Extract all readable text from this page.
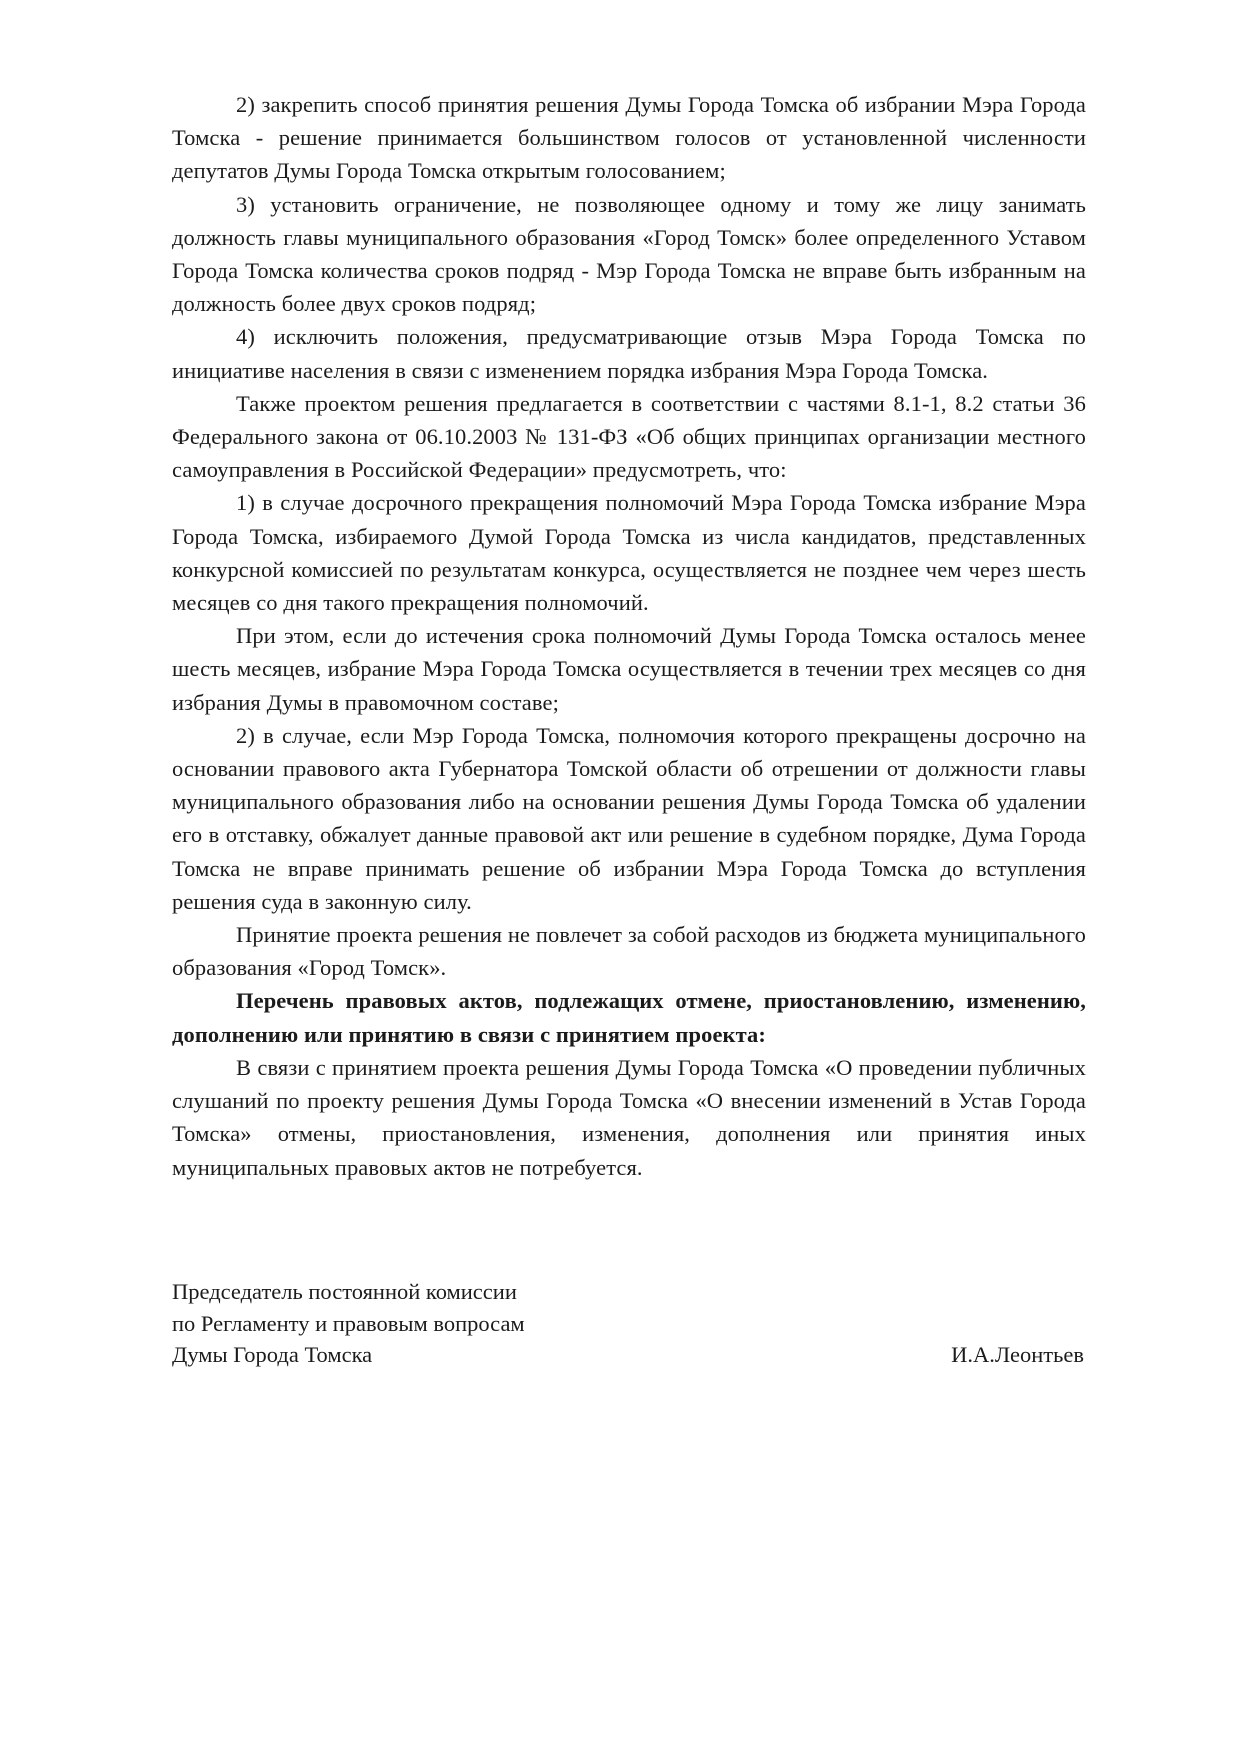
2) закрепить способ принятия решения Думы Города Томска об избрании Мэра Города Томска - решение принимается большинством голосов от установленной численности депутатов Думы Города Томска открытым голосованием;

3) установить ограничение, не позволяющее одному и тому же лицу занимать должность главы муниципального образования «Город Томск» более определенного Уставом Города Томска количества сроков подряд - Мэр Города Томска не вправе быть избранным на должность более двух сроков подряд;

4) исключить положения, предусматривающие отзыв Мэра Города Томска по инициативе населения в связи с изменением порядка избрания Мэра Города Томска.

Также проектом решения предлагается в соответствии с частями 8.1-1, 8.2 статьи 36 Федерального закона от 06.10.2003 № 131-ФЗ «Об общих принципах организации местного самоуправления в Российской Федерации» предусмотреть, что:

1) в случае досрочного прекращения полномочий Мэра Города Томска избрание Мэра Города Томска, избираемого Думой Города Томска из числа кандидатов, представленных конкурсной комиссией по результатам конкурса, осуществляется не позднее чем через шесть месяцев со дня такого прекращения полномочий.

При этом, если до истечения срока полномочий Думы Города Томска осталось менее шесть месяцев, избрание Мэра Города Томска осуществляется в течении трех месяцев со дня избрания Думы в правомочном составе;

2) в случае, если Мэр Города Томска, полномочия которого прекращены досрочно на основании правового акта Губернатора Томской области об отрешении от должности главы муниципального образования либо на основании решения Думы Города Томска об удалении его в отставку, обжалует данные правовой акт или решение в судебном порядке, Дума Города Томска не вправе принимать решение об избрании Мэра Города Томска до вступления решения суда в законную силу.

Принятие проекта решения не повлечет за собой расходов из бюджета муниципального образования «Город Томск».

Перечень правовых актов, подлежащих отмене, приостановлению, изменению, дополнению или принятию в связи с принятием проекта:

В связи с принятием проекта решения Думы Города Томска «О проведении публичных слушаний по проекту решения Думы Города Томска «О внесении изменений в Устав Города Томска» отмены, приостановления, изменения, дополнения или принятия иных муниципальных правовых актов не потребуется.

Председатель постоянной комиссии
по Регламенту и правовым вопросам
Думы Города Томска	И.А.Леонтьев
